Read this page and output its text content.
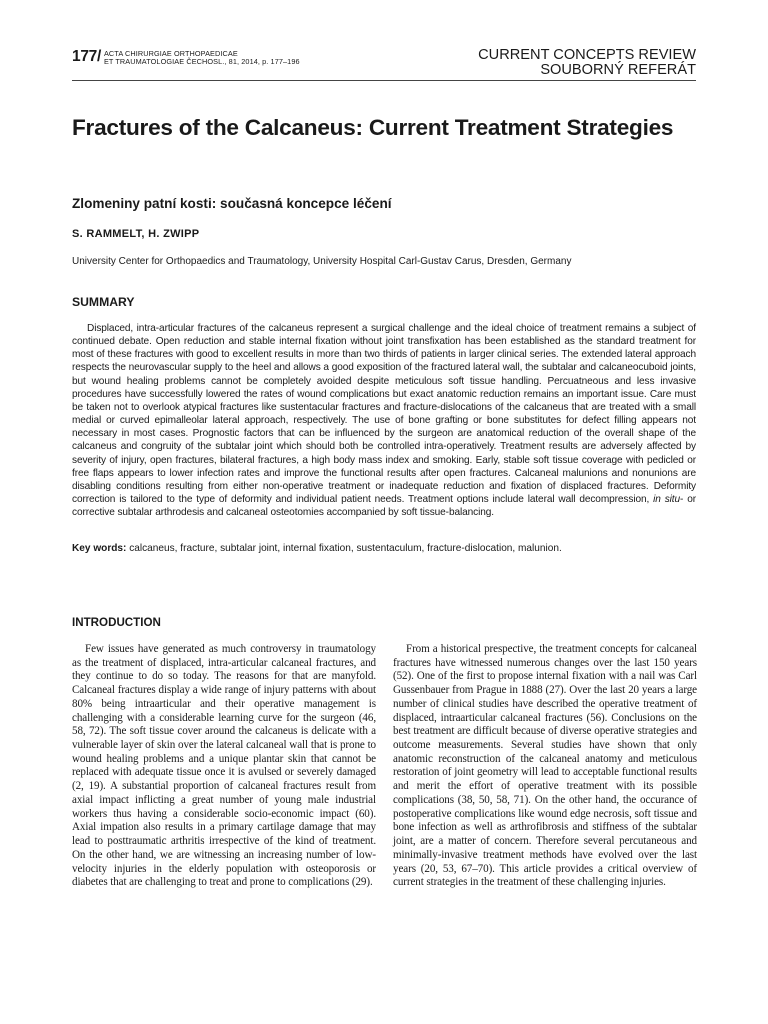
177/ ACTA CHIRURGIAE ORTHOPAEDICAE
ET TRAUMATOLOGIAE ČECHOSL., 81, 2014, p. 177–196	CURRENT CONCEPTS REVIEW
SOUBORNÝ REFERÁT
Fractures of the Calcaneus: Current Treatment Strategies
Zlomeniny patní kosti: současná koncepce léčení

S. RAMMELT, H. ZWIPP

University Center for Orthopaedics and Traumatology, University Hospital Carl-Gustav Carus, Dresden, Germany

SUMMARY

Displaced, intra-articular fractures of the calcaneus represent a surgical challenge and the ideal choice of treatment remains a subject of continued debate. Open reduction and stable internal fixation without joint transfixation has been established as the standard treatment for most of these fractures with good to excellent results in more than two thirds of patients in larger clinical series. The extended lateral approach respects the neurovascular supply to the heel and allows a good exposition of the fractured lateral wall, the subtalar and calcaneocuboid joints, but wound healing problems cannot be completely avoided despite meticulous soft tissue handling. Percuatneous and less invasive procedures have successfully lowered the rates of wound complications but exact anatomic reduction remains an important issue. Care must be taken not to overlook atypical fractures like sustentacular fractures and fracture-dislocations of the calcaneus that are treated with a small medial or curved epimalleolar lateral approach, respectively. The use of bone grafting or bone substitutes for defect filling appears not necessary in most cases. Prognostic factors that can be influenced by the surgeon are anatomical reduction of the overall shape of the calcaneus and congruity of the subtalar joint which should both be controlled intra-operatively. Treatment results are adversely affected by severity of injury, open fractures, bilateral fractures, a high body mass index and smoking. Early, stable soft tissue coverage with pedicled or free flaps appears to lower infection rates and improve the functional results after open fractures. Calcaneal malunions and nonunions are disabling conditions resulting from either non-operative treatment or inadequate reduction and fixation of displaced fractures. Deformity correction is tailored to the type of deformity and individual patient needs. Treatment options include lateral wall decompression, in situ- or corrective subtalar arthrodesis and calcaneal osteotomies accompanied by soft tissue-balancing.

Key words: calcaneus, fracture, subtalar joint, internal fixation, sustentaculum, fracture-dislocation, malunion.

INTRODUCTION

Few issues have generated as much controversy in traumatology as the treatment of displaced, intra-articular calcaneal fractures, and they continue to do so today. The reasons for that are manyfold. Calcaneal fractures display a wide range of injury patterns with about 80% being intraarticular and their operative management is challenging with a considerable learning curve for the surgeon (46, 58, 72). The soft tissue cover around the calcaneus is delicate with a vulnerable layer of skin over the lateral calcaneal wall that is prone to wound healing problems and a unique plantar skin that cannot be replaced with adequate tissue once it is avulsed or severely damaged (2, 19). A substantial proportion of calcaneal fractures result from axial impact inflicting a great number of young male industrial workers thus having a considerable socio-economic impact (60). Axial impation also results in a primary cartilage damage that may lead to posttraumatic arthritis irrespective of the kind of treatment. On the other hand, we are witnessing an increasing number of low-velocity injuries in the elderly population with osteoporosis or diabetes that are challenging to treat and prone to complications (29).

From a historical prespective, the treatment concepts for calcaneal fractures have witnessed numerous changes over the last 150 years (52). One of the first to propose internal fixation with a nail was Carl Gussenbauer from Prague in 1888 (27). Over the last 20 years a large number of clinical studies have described the operative treatment of displaced, intraarticular calcaneal fractures (56). Conclusions on the best treatment are difficult because of diverse operative strategies and outcome measurements. Several studies have shown that only anatomic reconstruction of the calcaneal anatomy and meticulous restoration of joint geometry will lead to acceptable functional results and merit the effort of operative treatment with its possible complications (38, 50, 58, 71). On the other hand, the occurance of postoperative complications like wound edge necrosis, soft tissue and bone infection as well as arthrofibrosis and stiffness of the subtalar joint, are a matter of concern. Therefore several percutaneous and minimally-invasive treatment methods have evolved over the last years (20, 53, 67–70). This article provides a critical overview of current strategies in the treatment of these challenging injuries.
